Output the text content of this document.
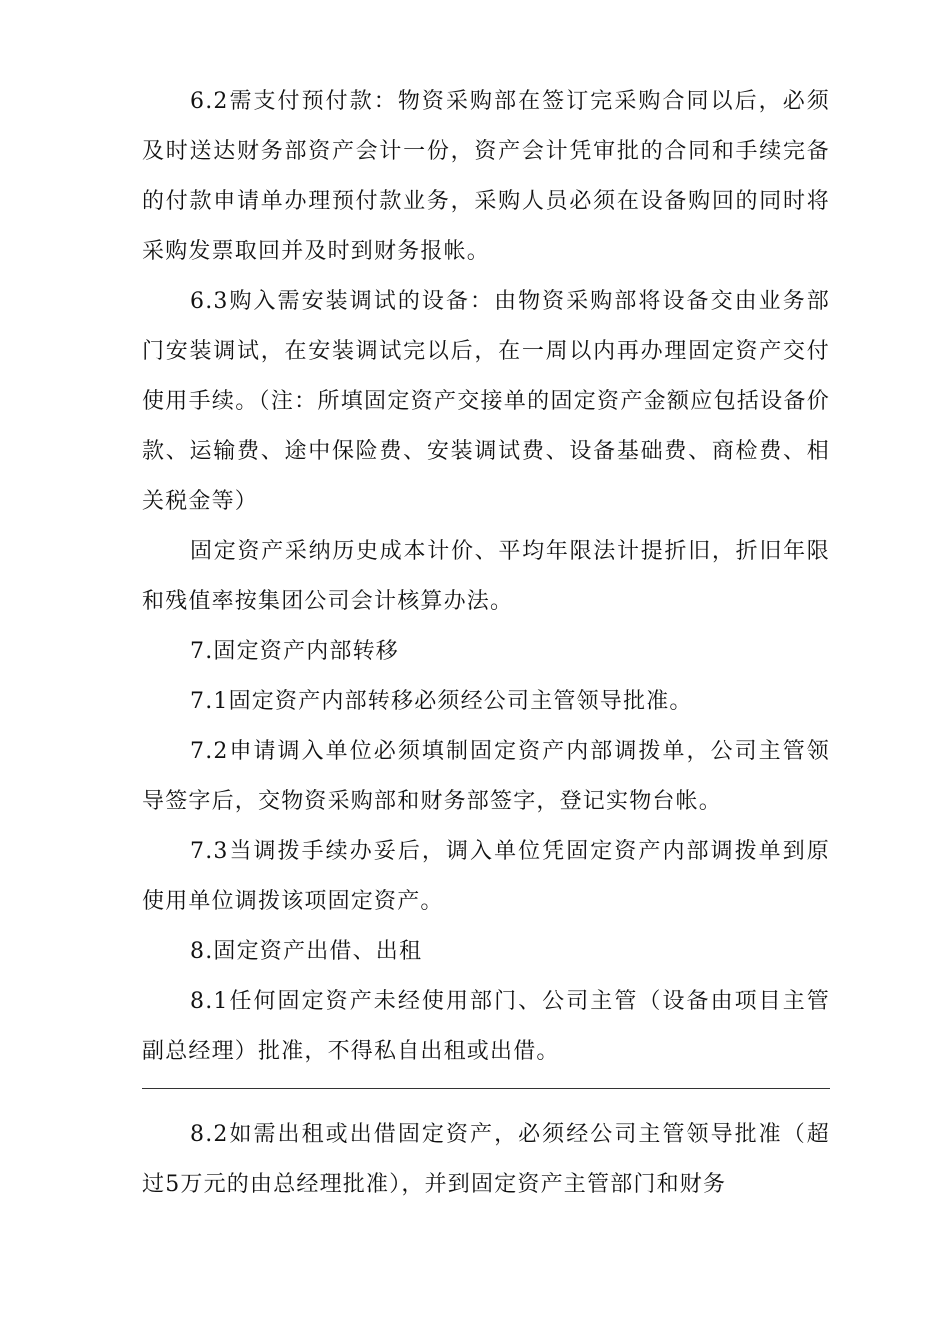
6.2需支付预付款：物资采购部在签订完采购合同以后，必须及时送达财务部资产会计一份，资产会计凭审批的合同和手续完备的付款申请单办理预付款业务，采购人员必须在设备购回的同时将采购发票取回并及时到财务报帐。

6.3购入需安装调试的设备：由物资采购部将设备交由业务部门安装调试，在安装调试完以后，在一周以内再办理固定资产交付使用手续。（注：所填固定资产交接单的固定资产金额应包括设备价款、运输费、途中保险费、安装调试费、设备基础费、商检费、相关税金等）

固定资产采纳历史成本计价、平均年限法计提折旧，折旧年限和残值率按集团公司会计核算办法。

7.固定资产内部转移

7.1固定资产内部转移必须经公司主管领导批准。

7.2申请调入单位必须填制固定资产内部调拨单，公司主管领导签字后，交物资采购部和财务部签字，登记实物台帐。

7.3当调拨手续办妥后，调入单位凭固定资产内部调拨单到原使用单位调拨该项固定资产。

8.固定资产出借、出租

8.1任何固定资产未经使用部门、公司主管（设备由项目主管副总经理）批准，不得私自出租或出借。

8.2如需出租或出借固定资产，必须经公司主管领导批准（超过5万元的由总经理批准），并到固定资产主管部门和财务
